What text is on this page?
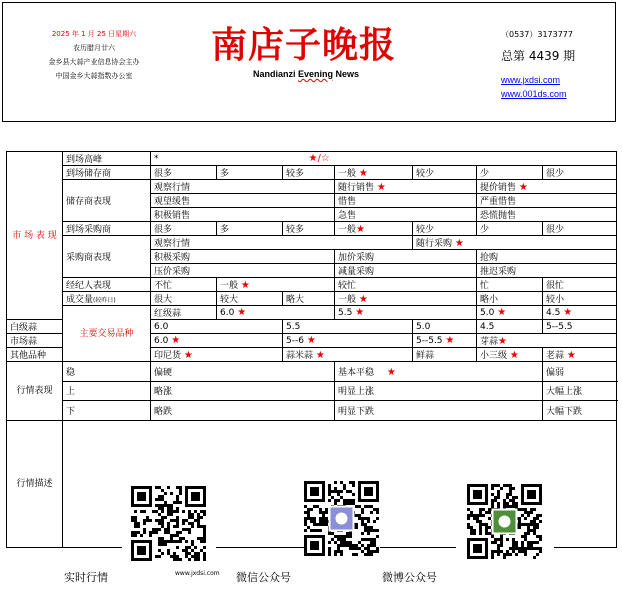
2025 年 1 月 25 日星期六
农历腊月廿六
金乡县大蒜产业信息协会主办
中国金乡大蒜指数办公室
南店子晚报
Nandianzi Evening News
（0537）3173777
总第 4439 期
www.jxdsi.com
www.001ds.com
市 场 表 现	到场高峰	* ★/☆							
	到场储存商	很多	多	较多	一般 ★	较少	少	很少	
	储存商表现	观察行情			随行销售 ★		提价销售 ★		
		观望缓售			惜售		严重惜售		
		积极销售			急售		恐慌抛售		
	到场采购商	很多	多	较多	一般★	较少	少	很少	
	采购商表现	观察行情				随行采购 ★			
		积极采购			加价采购		抢购		
		压价采购			减量采购		推迟采购		
	经纪人表现	不忙	一般 ★		较忙		忙	很忙	
	成交量(较昨日)	很大	较大	略大	一般 ★		略小	较小	
	主要交易品种	红级蒜	6.0 ★		5.5 ★		5.0 ★	4.5 ★	
白级蒜		6.0		5.5		5.0	4.5	5--5.5	
市场蒜		6.0 ★		5--6 ★		5--5.5 ★	芽蒜★		
其他品种		印尼货 ★		蒜米蒜 ★		鲜蒜	小三级 ★	老蒜 ★	
行情表现	稳	偏硬			基本平稳 ★			偏弱	
	上	略涨			明显上涨			大幅上涨	
	下	略跌			明显下跌			大幅下跌	
行情描述									
www.jxdsi.com
实时行情	微信公众号	微博公众号
